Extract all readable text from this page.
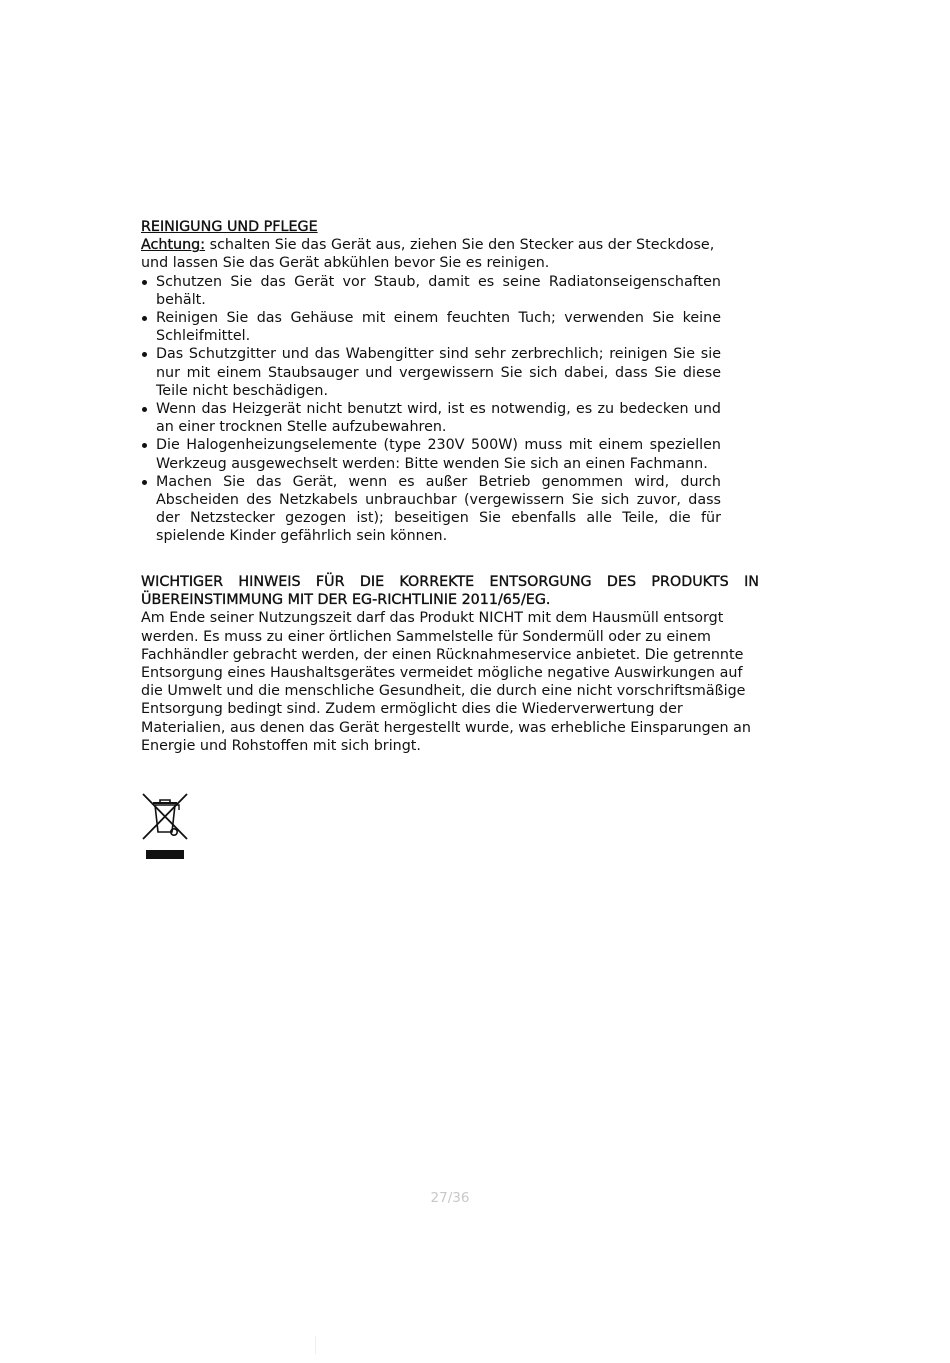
REINIGUNG UND PFLEGE

Achtung: schalten Sie das Gerät aus, ziehen Sie den Stecker aus der Steckdose, und lassen Sie das Gerät abkühlen bevor Sie es reinigen.

Schutzen Sie das Gerät vor Staub, damit es seine Radiatonseigenschaften behält.
Reinigen Sie das Gehäuse mit einem feuchten Tuch; verwenden Sie keine Schleifmittel.
Das Schutzgitter und das Wabengitter sind sehr zerbrechlich; reinigen Sie sie nur mit einem Staubsauger und vergewissern Sie sich dabei, dass Sie diese Teile nicht beschädigen.
Wenn das Heizgerät nicht benutzt wird, ist es notwendig, es zu bedecken und an einer trocknen Stelle aufzubewahren.
Die Halogenheizungselemente (type 230V 500W) muss mit einem speziellen Werkzeug ausgewechselt werden: Bitte wenden Sie sich an einen Fachmann.
Machen Sie das Gerät, wenn es außer Betrieb genommen wird, durch Abscheiden des Netzkabels unbrauchbar (vergewissern Sie sich zuvor, dass der Netzstecker gezogen ist); beseitigen Sie ebenfalls alle Teile, die für spielende Kinder gefährlich sein können.

WICHTIGER HINWEIS FÜR DIE KORREKTE ENTSORGUNG DES PRODUKTS IN
ÜBEREINSTIMMUNG MIT DER EG-RICHTLINIE 2011/65/EG.

Am Ende seiner Nutzungszeit darf das Produkt NICHT mit dem Hausmüll entsorgt
werden. Es muss zu einer örtlichen Sammelstelle für Sondermüll oder zu einem
Fachhändler gebracht werden, der einen Rücknahmeservice anbietet. Die getrennte
Entsorgung eines Haushaltsgerätes vermeidet mögliche negative Auswirkungen auf
die Umwelt und die menschliche Gesundheit, die durch eine nicht vorschriftsmäßige
Entsorgung bedingt sind. Zudem ermöglicht dies die Wiederverwertung der
Materialien, aus denen das Gerät hergestellt wurde, was erhebliche Einsparungen an
Energie und Rohstoffen mit sich bringt.
27/36
